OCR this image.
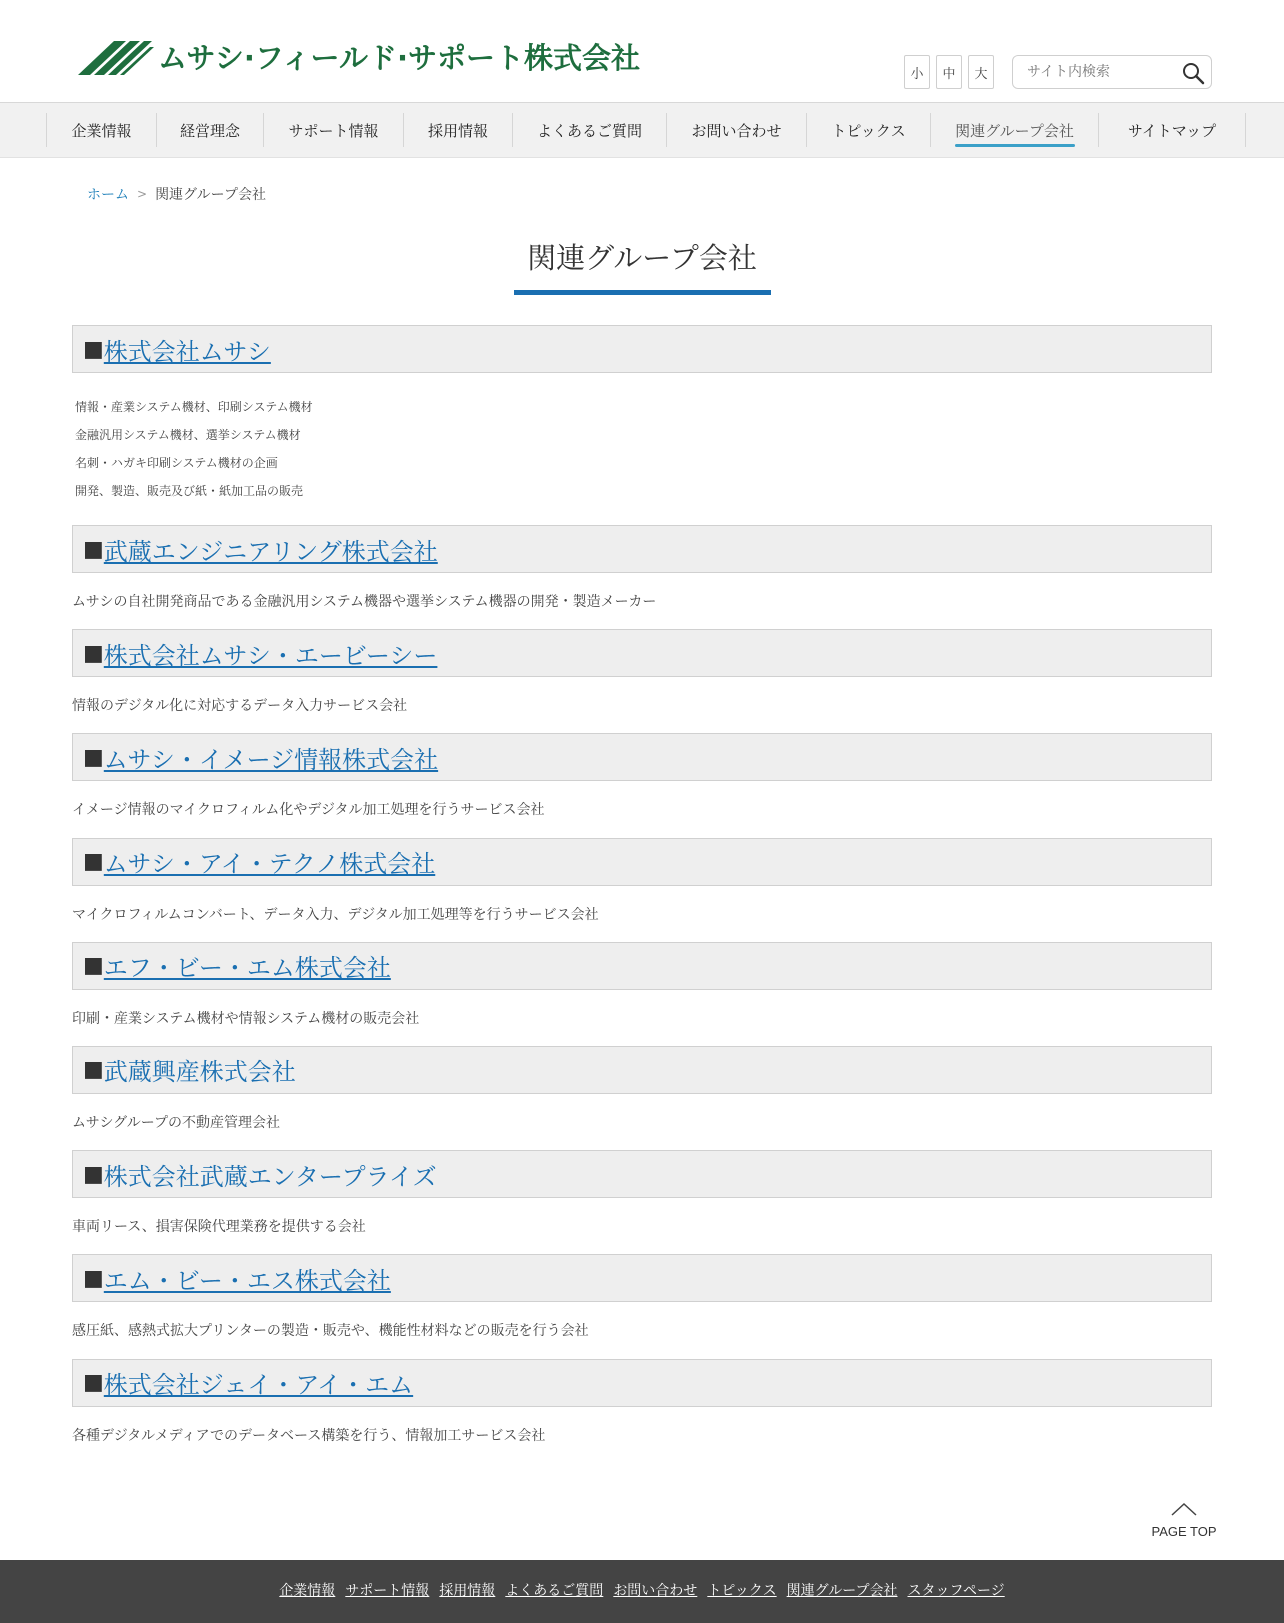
ムサシ·フィールド·サポート株式会社	小	中	大
サイト内検索
企業情報	経営理念	サポート情報	採用情報	よくあるご質問	お問い合わせ	トピックス	関連グループ会社	サイトマップ
ホーム > 関連グループ会社
関連グループ会社
■ 株式会社ムサシ
情報・産業システム機材、印刷システム機材
金融汎用システム機材、選挙システム機材
名刺・ハガキ印刷システム機材の企画
開発、製造、販売及び紙・紙加工品の販売
■ 武蔵エンジニアリング株式会社

ムサシの自社開発商品である金融汎用システム機器や選挙システム機器の開発・製造メーカー

■ 株式会社ムサシ・エービーシー

情報のデジタル化に対応するデータ入力サービス会社

■ ムサシ・イメージ情報株式会社

イメージ情報のマイクロフィルム化やデジタル加工処理を行うサービス会社

■ ムサシ・アイ・テクノ株式会社

マイクロフィルムコンバート、データ入力、デジタル加工処理等を行うサービス会社

■ エフ・ビー・エム株式会社

印刷・産業システム機材や情報システム機材の販売会社

■ 武蔵興産株式会社

ムサシグループの不動産管理会社

■ 株式会社武蔵エンタープライズ

車両リース、損害保険代理業務を提供する会社

■ エム・ビー・エス株式会社

感圧紙、感熱式拡大プリンターの製造・販売や、機能性材料などの販売を行う会社

■ 株式会社ジェイ・アイ・エム

各種デジタルメディアでのデータベース構築を行う、情報加工サービス会社

PAGE TOP
企業情報 サポート情報 採用情報 よくあるご質問 お問い合わせ トピックス 関連グループ会社 スタッフページ
